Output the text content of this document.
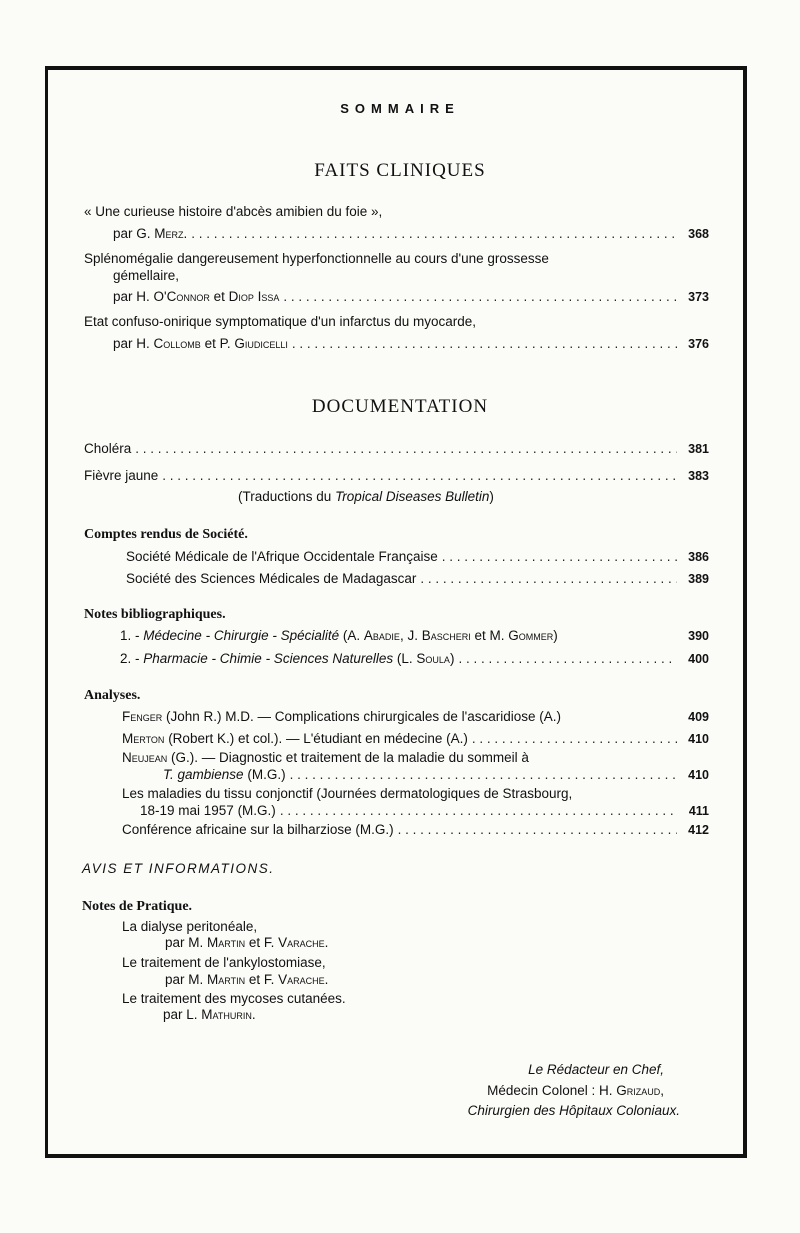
SOMMAIRE
FAITS CLINIQUES
« Une curieuse histoire d'abcès amibien du foie »,
par G. Merz. . . .	368
Splénomégalie dangereusement hyperfonctionnelle au cours d'une grossesse
gémellaire,
par H. O'Connor et Diop Issa . . .	373
Etat confuso-onirique symptomatique d'un infarctus du myocarde,
par H. Collomb et P. Giudicelli . . .	376
DOCUMENTATION
Choléra . . .	381
Fièvre jaune . . .	383
(Traductions du Tropical Diseases Bulletin)
Comptes rendus de Société.
Société Médicale de l'Afrique Occidentale Française . . .	386
Société des Sciences Médicales de Madagascar . . .	389
Notes bibliographiques.
1. - Médecine - Chirurgie - Spécialité (A. Abadie, J. Bascheri et M. Gommer)	390
2. - Pharmacie - Chimie - Sciences Naturelles (L. Soula) . . .	400
Analyses.
Fenger (John R.) M.D. — Complications chirurgicales de l'ascaridiose (A.)	409
Merton (Robert K.) et col.). — L'étudiant en médecine (A.) . . .	410
Neujean (G.). — Diagnostic et traitement de la maladie du sommeil à
T. gambiense (M.G.) . . .	410
Les maladies du tissu conjonctif (Journées dermatologiques de Strasbourg,
18-19 mai 1957 (M.G.) . . .	411
Conférence africaine sur la bilharziose (M.G.) . . .	412
AVIS ET INFORMATIONS.
Notes de Pratique.
La dialyse peritonéale,
par M. Martin et F. Varache.
Le traitement de l'ankylostomiase,
par M. Martin et F. Varache.
Le traitement des mycoses cutanées.
par L. Mathurin.
Le Rédacteur en Chef,
Médecin Colonel : H. Grizaud,
Chirurgien des Hôpitaux Coloniaux.
